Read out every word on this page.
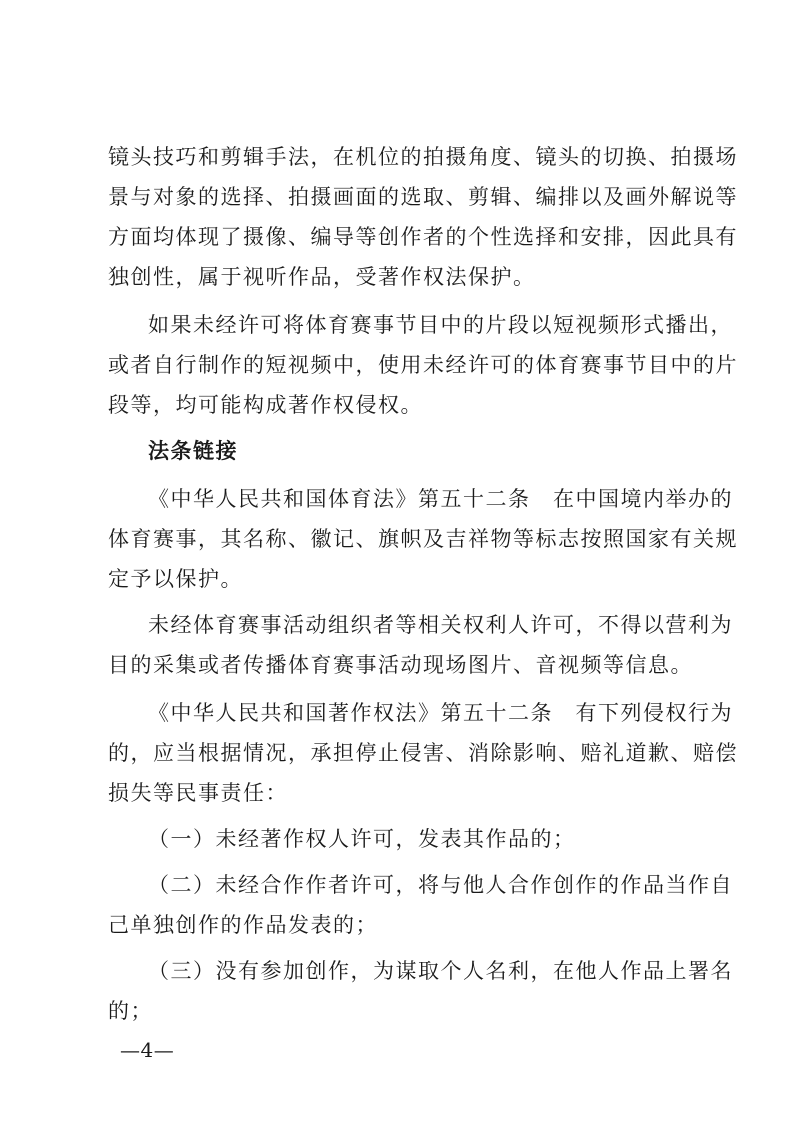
镜头技巧和剪辑手法，在机位的拍摄角度、镜头的切换、拍摄场
景与对象的选择、拍摄画面的选取、剪辑、编排以及画外解说等
方面均体现了摄像、编导等创作者的个性选择和安排，因此具有
独创性，属于视听作品，受著作权法保护。
如果未经许可将体育赛事节目中的片段以短视频形式播出，
或者自行制作的短视频中，使用未经许可的体育赛事节目中的片
段等，均可能构成著作权侵权。
法条链接
《中华人民共和国体育法》第五十二条　在中国境内举办的
体育赛事，其名称、徽记、旗帜及吉祥物等标志按照国家有关规
定予以保护。
未经体育赛事活动组织者等相关权利人许可，不得以营利为
目的采集或者传播体育赛事活动现场图片、音视频等信息。
《中华人民共和国著作权法》第五十二条　有下列侵权行为
的，应当根据情况，承担停止侵害、消除影响、赔礼道歉、赔偿
损失等民事责任：
（一）未经著作权人许可，发表其作品的；
（二）未经合作作者许可，将与他人合作创作的作品当作自
己单独创作的作品发表的；
（三）没有参加创作，为谋取个人名利，在他人作品上署名
的；
—4—
